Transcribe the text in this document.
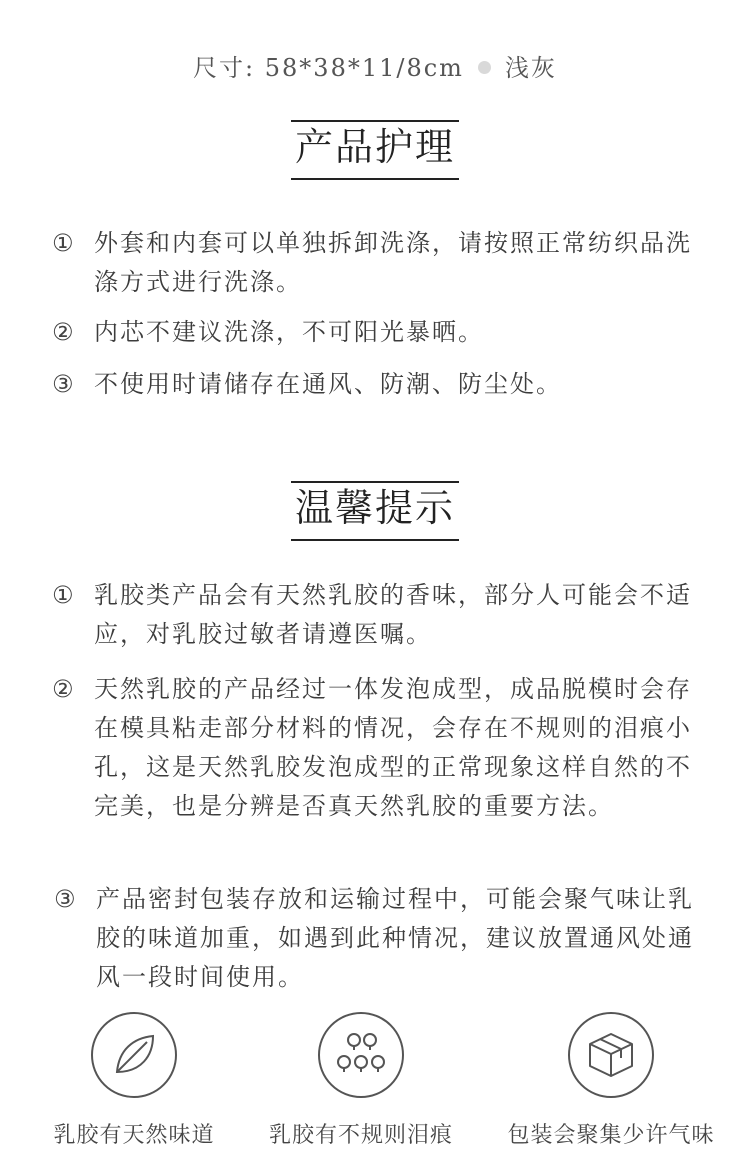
尺寸: 58*38*11/8cm 浅灰
产品护理
① 外套和内套可以单独拆卸洗涤，请按照正常纺织品洗涤方式进行洗涤。
② 内芯不建议洗涤，不可阳光暴晒。
③ 不使用时请储存在通风、防潮、防尘处。
温馨提示
① 乳胶类产品会有天然乳胶的香味，部分人可能会不适应，对乳胶过敏者请遵医嘱。
② 天然乳胶的产品经过一体发泡成型，成品脱模时会存在模具粘走部分材料的情况，会存在不规则的泪痕小孔，这是天然乳胶发泡成型的正常现象这样自然的不完美，也是分辨是否真天然乳胶的重要方法。
③ 产品密封包装存放和运输过程中，可能会聚气味让乳胶的味道加重，如遇到此种情况，建议放置通风处通风一段时间使用。
乳胶有天然味道	乳胶有不规则泪痕	包装会聚集少许气味
